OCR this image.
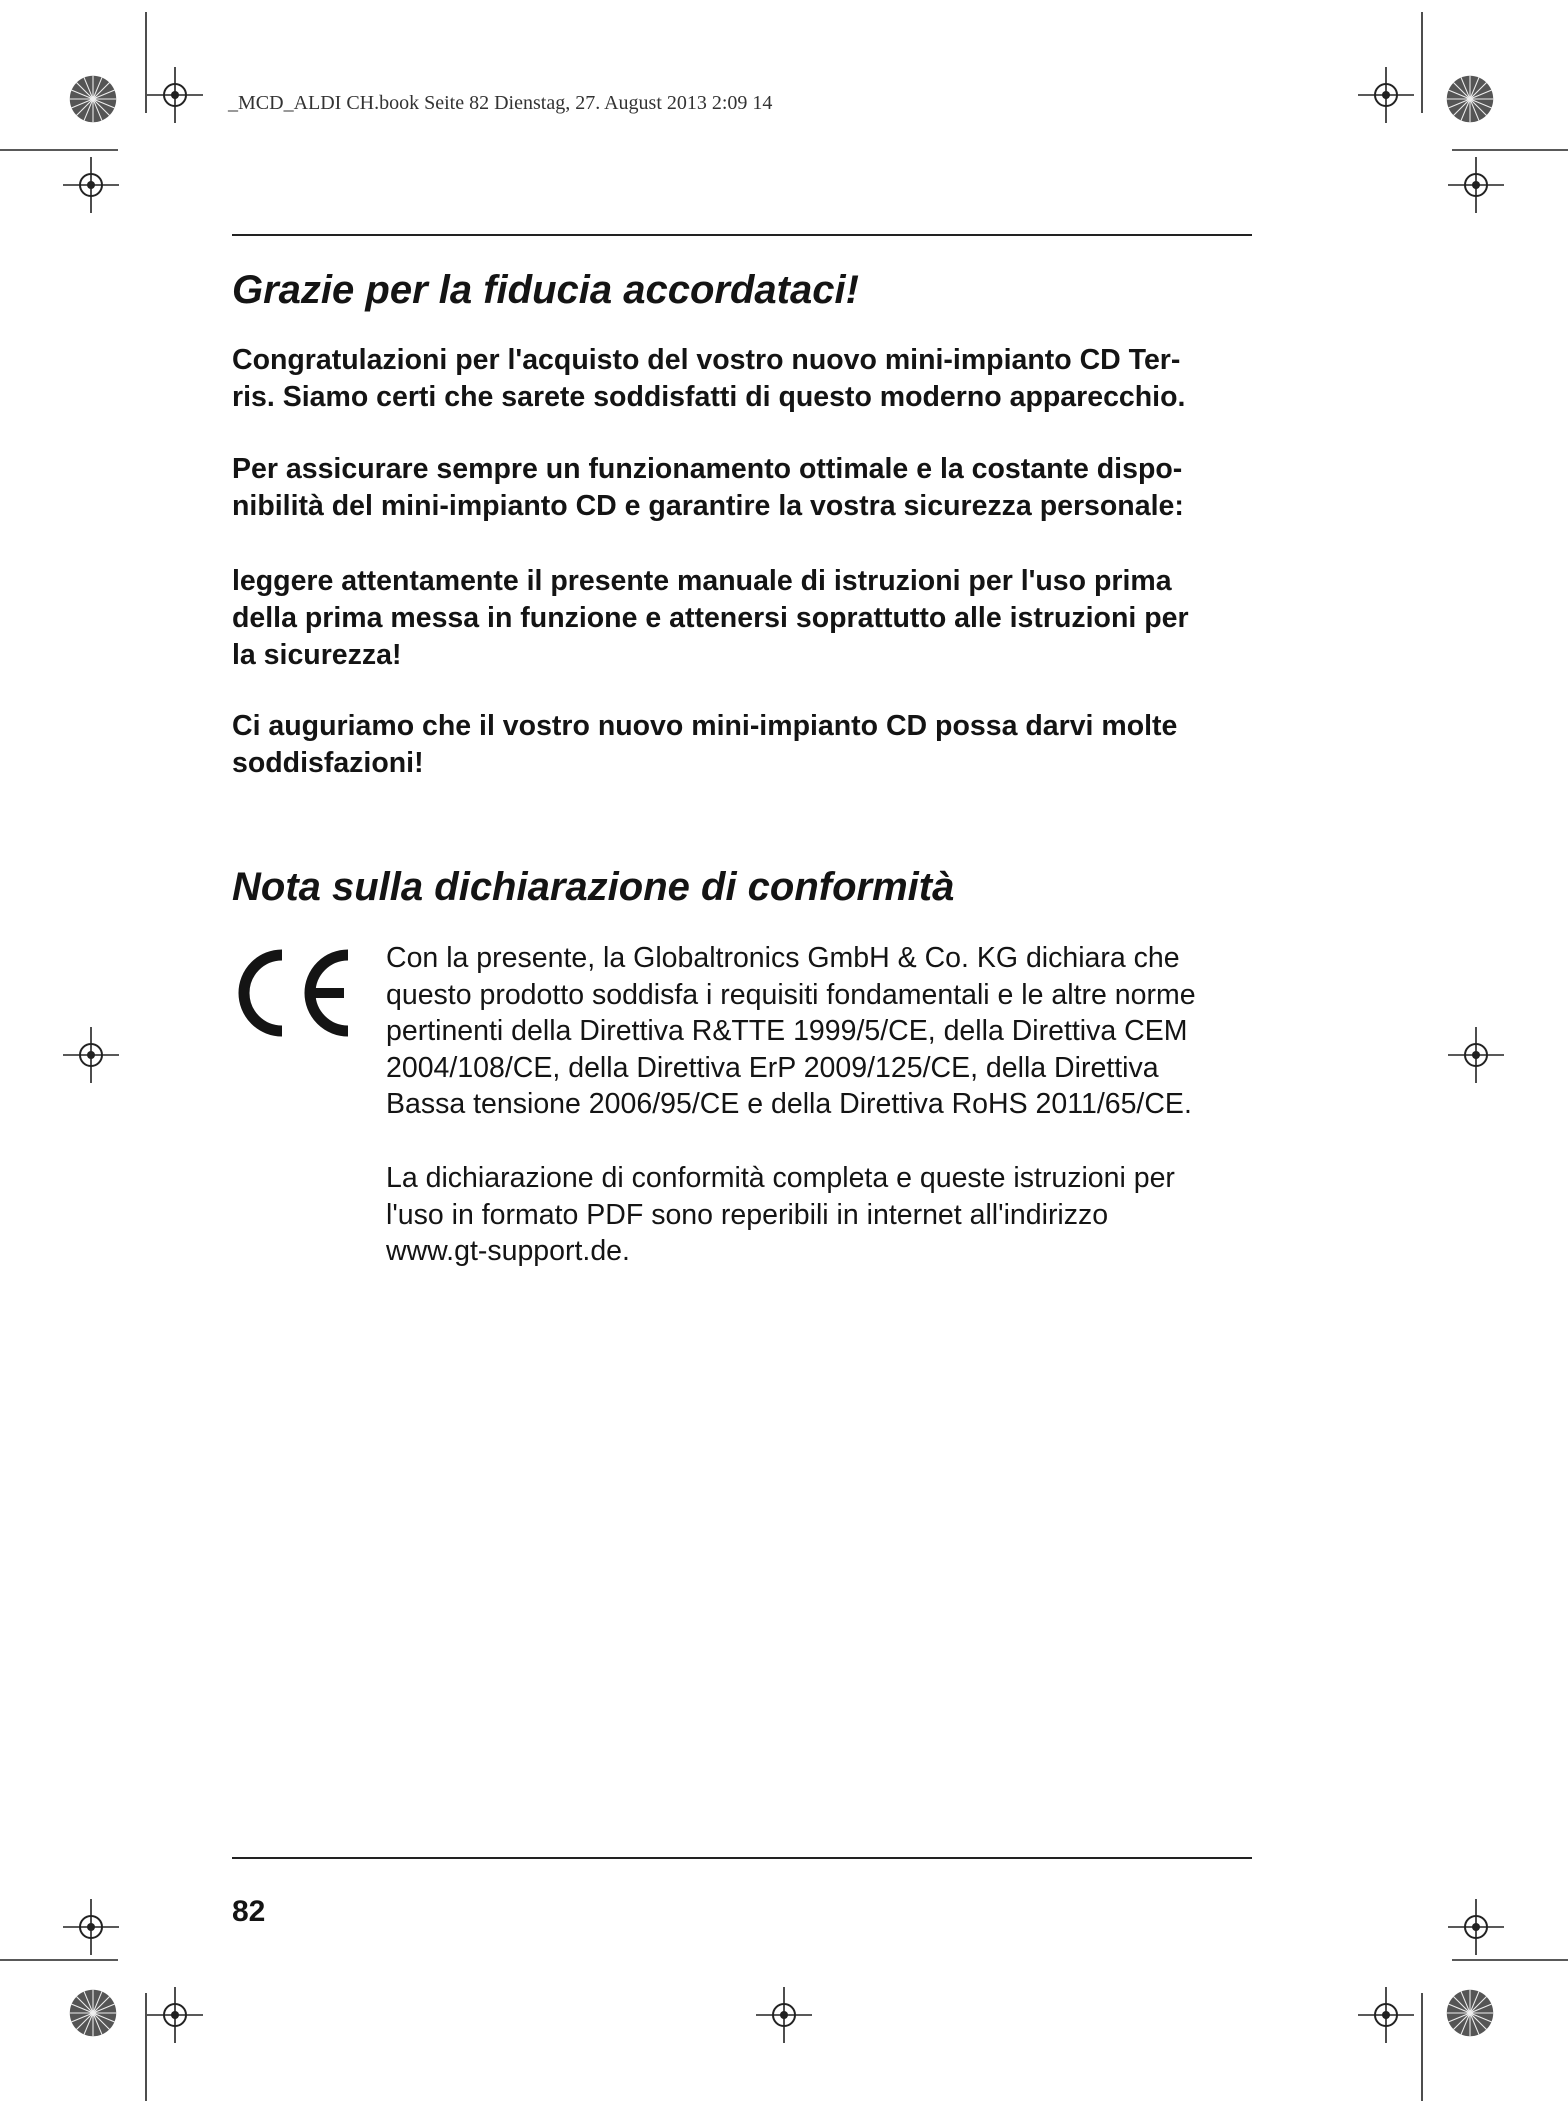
_MCD_ALDI CH.book Seite 82 Dienstag, 27. August 2013 2:09 14
Grazie per la fiducia accordataci!
Congratulazioni per l'acquisto del vostro nuovo mini-impianto CD Ter-
ris. Siamo certi che sarete soddisfatti di questo moderno apparecchio.
Per assicurare sempre un funzionamento ottimale e la costante dispo-
nibilità del mini-impianto CD e garantire la vostra sicurezza personale:
leggere attentamente il presente manuale di istruzioni per l'uso prima
della prima messa in funzione e attenersi soprattutto alle istruzioni per
la sicurezza!
Ci auguriamo che il vostro nuovo mini-impianto CD possa darvi molte
soddisfazioni!
Nota sulla dichiarazione di conformità
Con la presente, la Globaltronics GmbH & Co. KG dichiara che
questo prodotto soddisfa i requisiti fondamentali e le altre norme
pertinenti della Direttiva R&TTE 1999/5/CE, della Direttiva CEM
2004/108/CE, della Direttiva ErP 2009/125/CE, della Direttiva
Bassa tensione 2006/95/CE e della Direttiva RoHS 2011/65/CE.
La dichiarazione di conformità completa e queste istruzioni per
l'uso in formato PDF sono reperibili in internet all'indirizzo
www.gt-support.de.
82
